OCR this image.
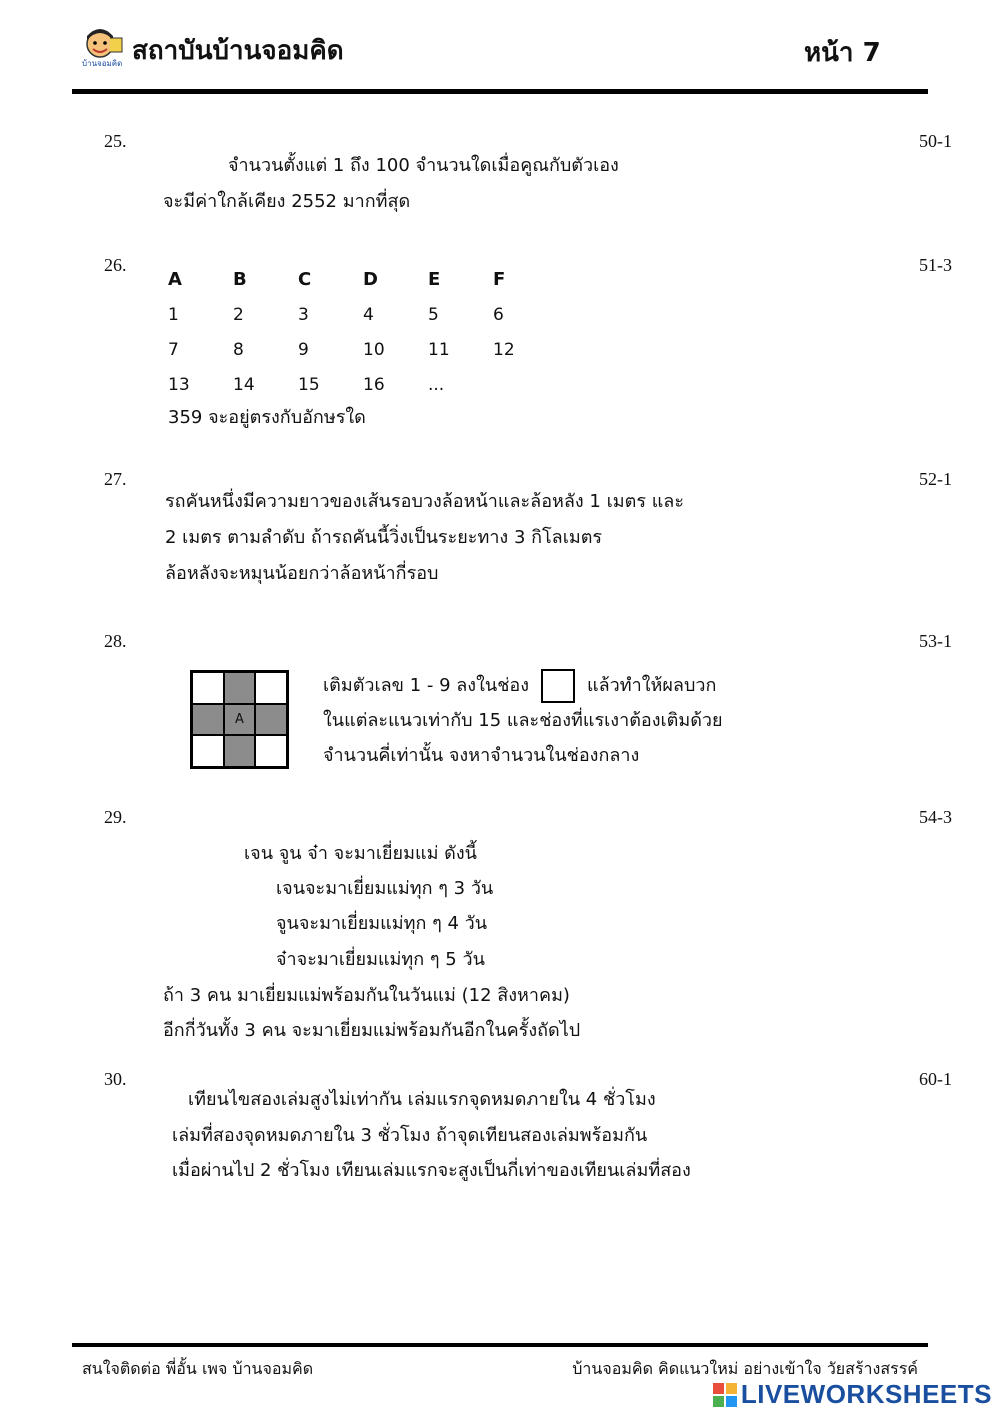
บ้านจอมคิด สถาบันบ้านจอมคิด	หน้า 7
25.	50-1
จำนวนตั้งแต่ 1 ถึง 100 จำนวนใดเมื่อคูณกับตัวเอง
จะมีค่าใกล้เคียง 2552 มากที่สุด
26.	51-3
A	B	C	D	E	F
1	2	3	4	5	6
7	8	9	10	11	12
13	14	15	16	...
359 จะอยู่ตรงกับอักษรใด
27.	52-1
รถคันหนึ่งมีความยาวของเส้นรอบวงล้อหน้าและล้อหลัง 1 เมตร และ
2 เมตร ตามลำดับ ถ้ารถคันนี้วิ่งเป็นระยะทาง 3 กิโลเมตร
ล้อหลังจะหมุนน้อยกว่าล้อหน้ากี่รอบ
28.	53-1
A
เติมตัวเลข 1 - 9 ลงในช่อง	แล้วทำให้ผลบวก
ในแต่ละแนวเท่ากับ 15 และช่องที่แรเงาต้องเติมด้วย
จำนวนคี่เท่านั้น จงหาจำนวนในช่องกลาง
29.	54-3
เจน จูน จ๋า จะมาเยี่ยมแม่ ดังนี้
เจนจะมาเยี่ยมแม่ทุก ๆ 3 วัน
จูนจะมาเยี่ยมแม่ทุก ๆ 4 วัน
จ๋าจะมาเยี่ยมแม่ทุก ๆ 5 วัน
ถ้า 3 คน มาเยี่ยมแม่พร้อมกันในวันแม่ (12 สิงหาคม)
อีกกี่วันทั้ง 3 คน จะมาเยี่ยมแม่พร้อมกันอีกในครั้งถัดไป
30.	60-1
เทียนไขสองเล่มสูงไม่เท่ากัน เล่มแรกจุดหมดภายใน 4 ชั่วโมง
เล่มที่สองจุดหมดภายใน 3 ชั่วโมง ถ้าจุดเทียนสองเล่มพร้อมกัน
เมื่อผ่านไป 2 ชั่วโมง เทียนเล่มแรกจะสูงเป็นกี่เท่าของเทียนเล่มที่สอง
สนใจติดต่อ พี่อั้น เพจ บ้านจอมคิด	บ้านจอมคิด คิดแนวใหม่ อย่างเข้าใจ วัยสร้างสรรค์
LIVEWORKSHEETS
